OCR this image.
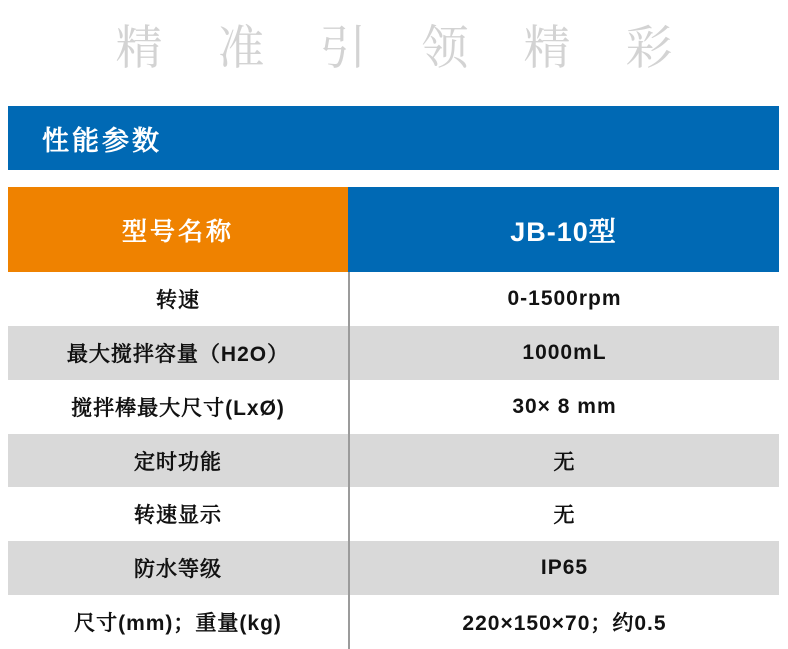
精准引领精彩
性能参数
型号名称	JB-10型
转速	0-1500rpm
最大搅拌容量（H2O）	1000mL
搅拌棒最大尺寸(LxØ)	30× 8 mm
定时功能	无
转速显示	无
防水等级	IP65
尺寸(mm)；重量(kg)	220×150×70；约0.5
